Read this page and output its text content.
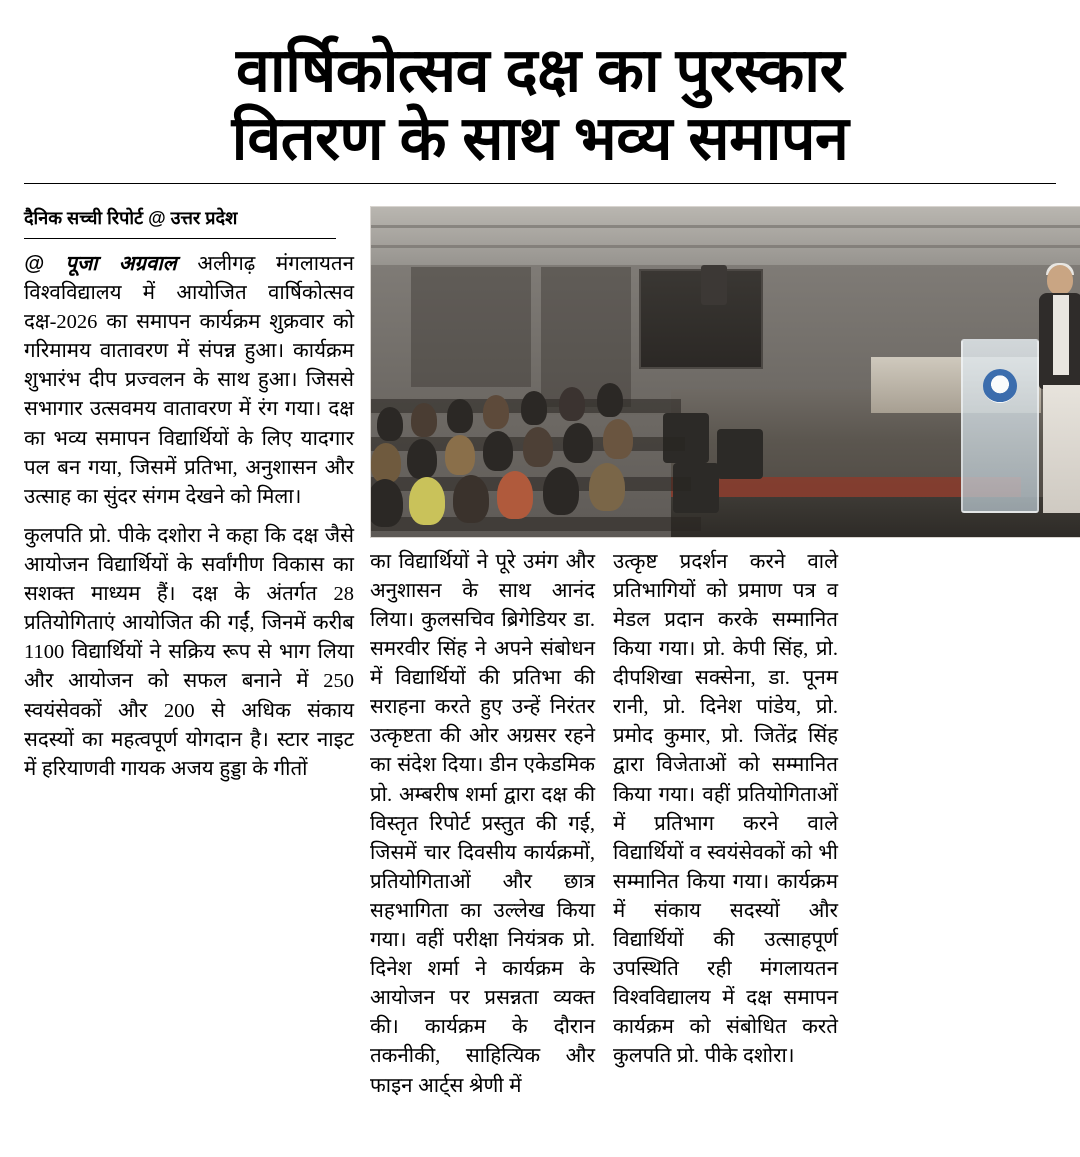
वार्षिकोत्सव दक्ष का पुरस्कार
वितरण के साथ भव्य समापन
दैनिक सच्ची रिपोर्ट @ उत्तर प्रदेश

@ पूजा अग्रवाल अलीगढ़ मंगलायतन विश्वविद्यालय में आयोजित वार्षिकोत्सव दक्ष-2026 का समापन कार्यक्रम शुक्रवार को गरिमामय वातावरण में संपन्न हुआ। कार्यक्रम शुभारंभ दीप प्रज्वलन के साथ हुआ। जिससे सभागार उत्सवमय वातावरण में रंग गया। दक्ष का भव्य समापन विद्यार्थियों के लिए यादगार पल बन गया, जिसमें प्रतिभा, अनुशासन और उत्साह का सुंदर संगम देखने को मिला।

कुलपति प्रो. पीके दशोरा ने कहा कि दक्ष जैसे आयोजन विद्यार्थियों के सर्वांगीण विकास का सशक्त माध्यम हैं। दक्ष के अंतर्गत 28 प्रतियोगिताएं आयोजित की गईं, जिनमें करीब 1100 विद्यार्थियों ने सक्रिय रूप से भाग लिया और आयोजन को सफल बनाने में 250 स्वयंसेवकों और 200 से अधिक संकाय सदस्यों का महत्वपूर्ण योगदान है। स्टार नाइट में हरियाणवी गायक अजय हुड्डा के गीतों

का विद्यार्थियों ने पूरे उमंग और अनुशासन के साथ आनंद लिया। कुलसचिव ब्रिगेडियर डा. समरवीर सिंह ने अपने संबोधन में विद्यार्थियों की प्रतिभा की सराहना करते हुए उन्हें निरंतर उत्कृष्टता की ओर अग्रसर रहने का संदेश दिया। डीन एकेडमिक प्रो. अम्बरीष शर्मा द्वारा दक्ष की विस्तृत रिपोर्ट प्रस्तुत की गई, जिसमें चार दिवसीय कार्यक्रमों, प्रतियोगिताओं और छात्र सहभागिता का उल्लेख किया गया। वहीं परीक्षा नियंत्रक प्रो. दिनेश शर्मा ने कार्यक्रम के आयोजन पर प्रसन्नता व्यक्त की। कार्यक्रम के दौरान तकनीकी, साहित्यिक और फाइन आर्ट्स श्रेणी में

उत्कृष्ट प्रदर्शन करने वाले प्रतिभागियों को प्रमाण पत्र व मेडल प्रदान करके सम्मानित किया गया। प्रो. केपी सिंह, प्रो. दीपशिखा सक्सेना, डा. पूनम रानी, प्रो. दिनेश पांडेय, प्रो. प्रमोद कुमार, प्रो. जितेंद्र सिंह द्वारा विजेताओं को सम्मानित किया गया। वहीं प्रतियोगिताओं में प्रतिभाग करने वाले विद्यार्थियों व स्वयंसेवकों को भी सम्मानित किया गया। कार्यक्रम में संकाय सदस्यों और विद्यार्थियों की उत्साहपूर्ण उपस्थिति रही मंगलायतन विश्वविद्यालय में दक्ष समापन कार्यक्रम को संबोधित करते कुलपति प्रो. पीके दशोरा।
